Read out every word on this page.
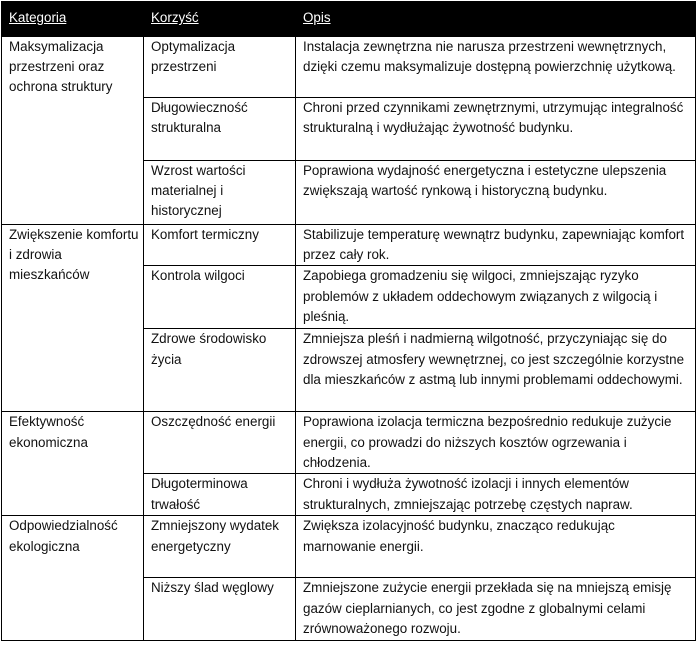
Kategoria	Korzyść	Opis
Maksymalizacja przestrzeni oraz ochrona struktury	Optymalizacja przestrzeni	Instalacja zewnętrzna nie narusza przestrzeni wewnętrznych, dzięki czemu maksymalizuje dostępną powierzchnię użytkową.
	Długowieczność strukturalna	Chroni przed czynnikami zewnętrznymi, utrzymując integralność strukturalną i wydłużając żywotność budynku.
	Wzrost wartości materialnej i historycznej	Poprawiona wydajność energetyczna i estetyczne ulepszenia zwiększają wartość rynkową i historyczną budynku.
Zwiększenie komfortu i zdrowia mieszkańców	Komfort termiczny	Stabilizuje temperaturę wewnątrz budynku, zapewniając komfort przez cały rok.
	Kontrola wilgoci	Zapobiega gromadzeniu się wilgoci, zmniejszając ryzyko problemów z układem oddechowym związanych z wilgocią i pleśnią.
	Zdrowe środowisko życia	Zmniejsza pleśń i nadmierną wilgotność, przyczyniając się do zdrowszej atmosfery wewnętrznej, co jest szczególnie korzystne dla mieszkańców z astmą lub innymi problemami oddechowymi.
Efektywność ekonomiczna	Oszczędność energii	Poprawiona izolacja termiczna bezpośrednio redukuje zużycie energii, co prowadzi do niższych kosztów ogrzewania i chłodzenia.
	Długoterminowa trwałość	Chroni i wydłuża żywotność izolacji i innych elementów strukturalnych, zmniejszając potrzebę częstych napraw.
Odpowiedzialność ekologiczna	Zmniejszony wydatek energetyczny	Zwiększa izolacyjność budynku, znacząco redukując marnowanie energii.
	Niższy ślad węglowy	Zmniejszone zużycie energii przekłada się na mniejszą emisję gazów cieplarnianych, co jest zgodne z globalnymi celami zrównoważonego rozwoju.
